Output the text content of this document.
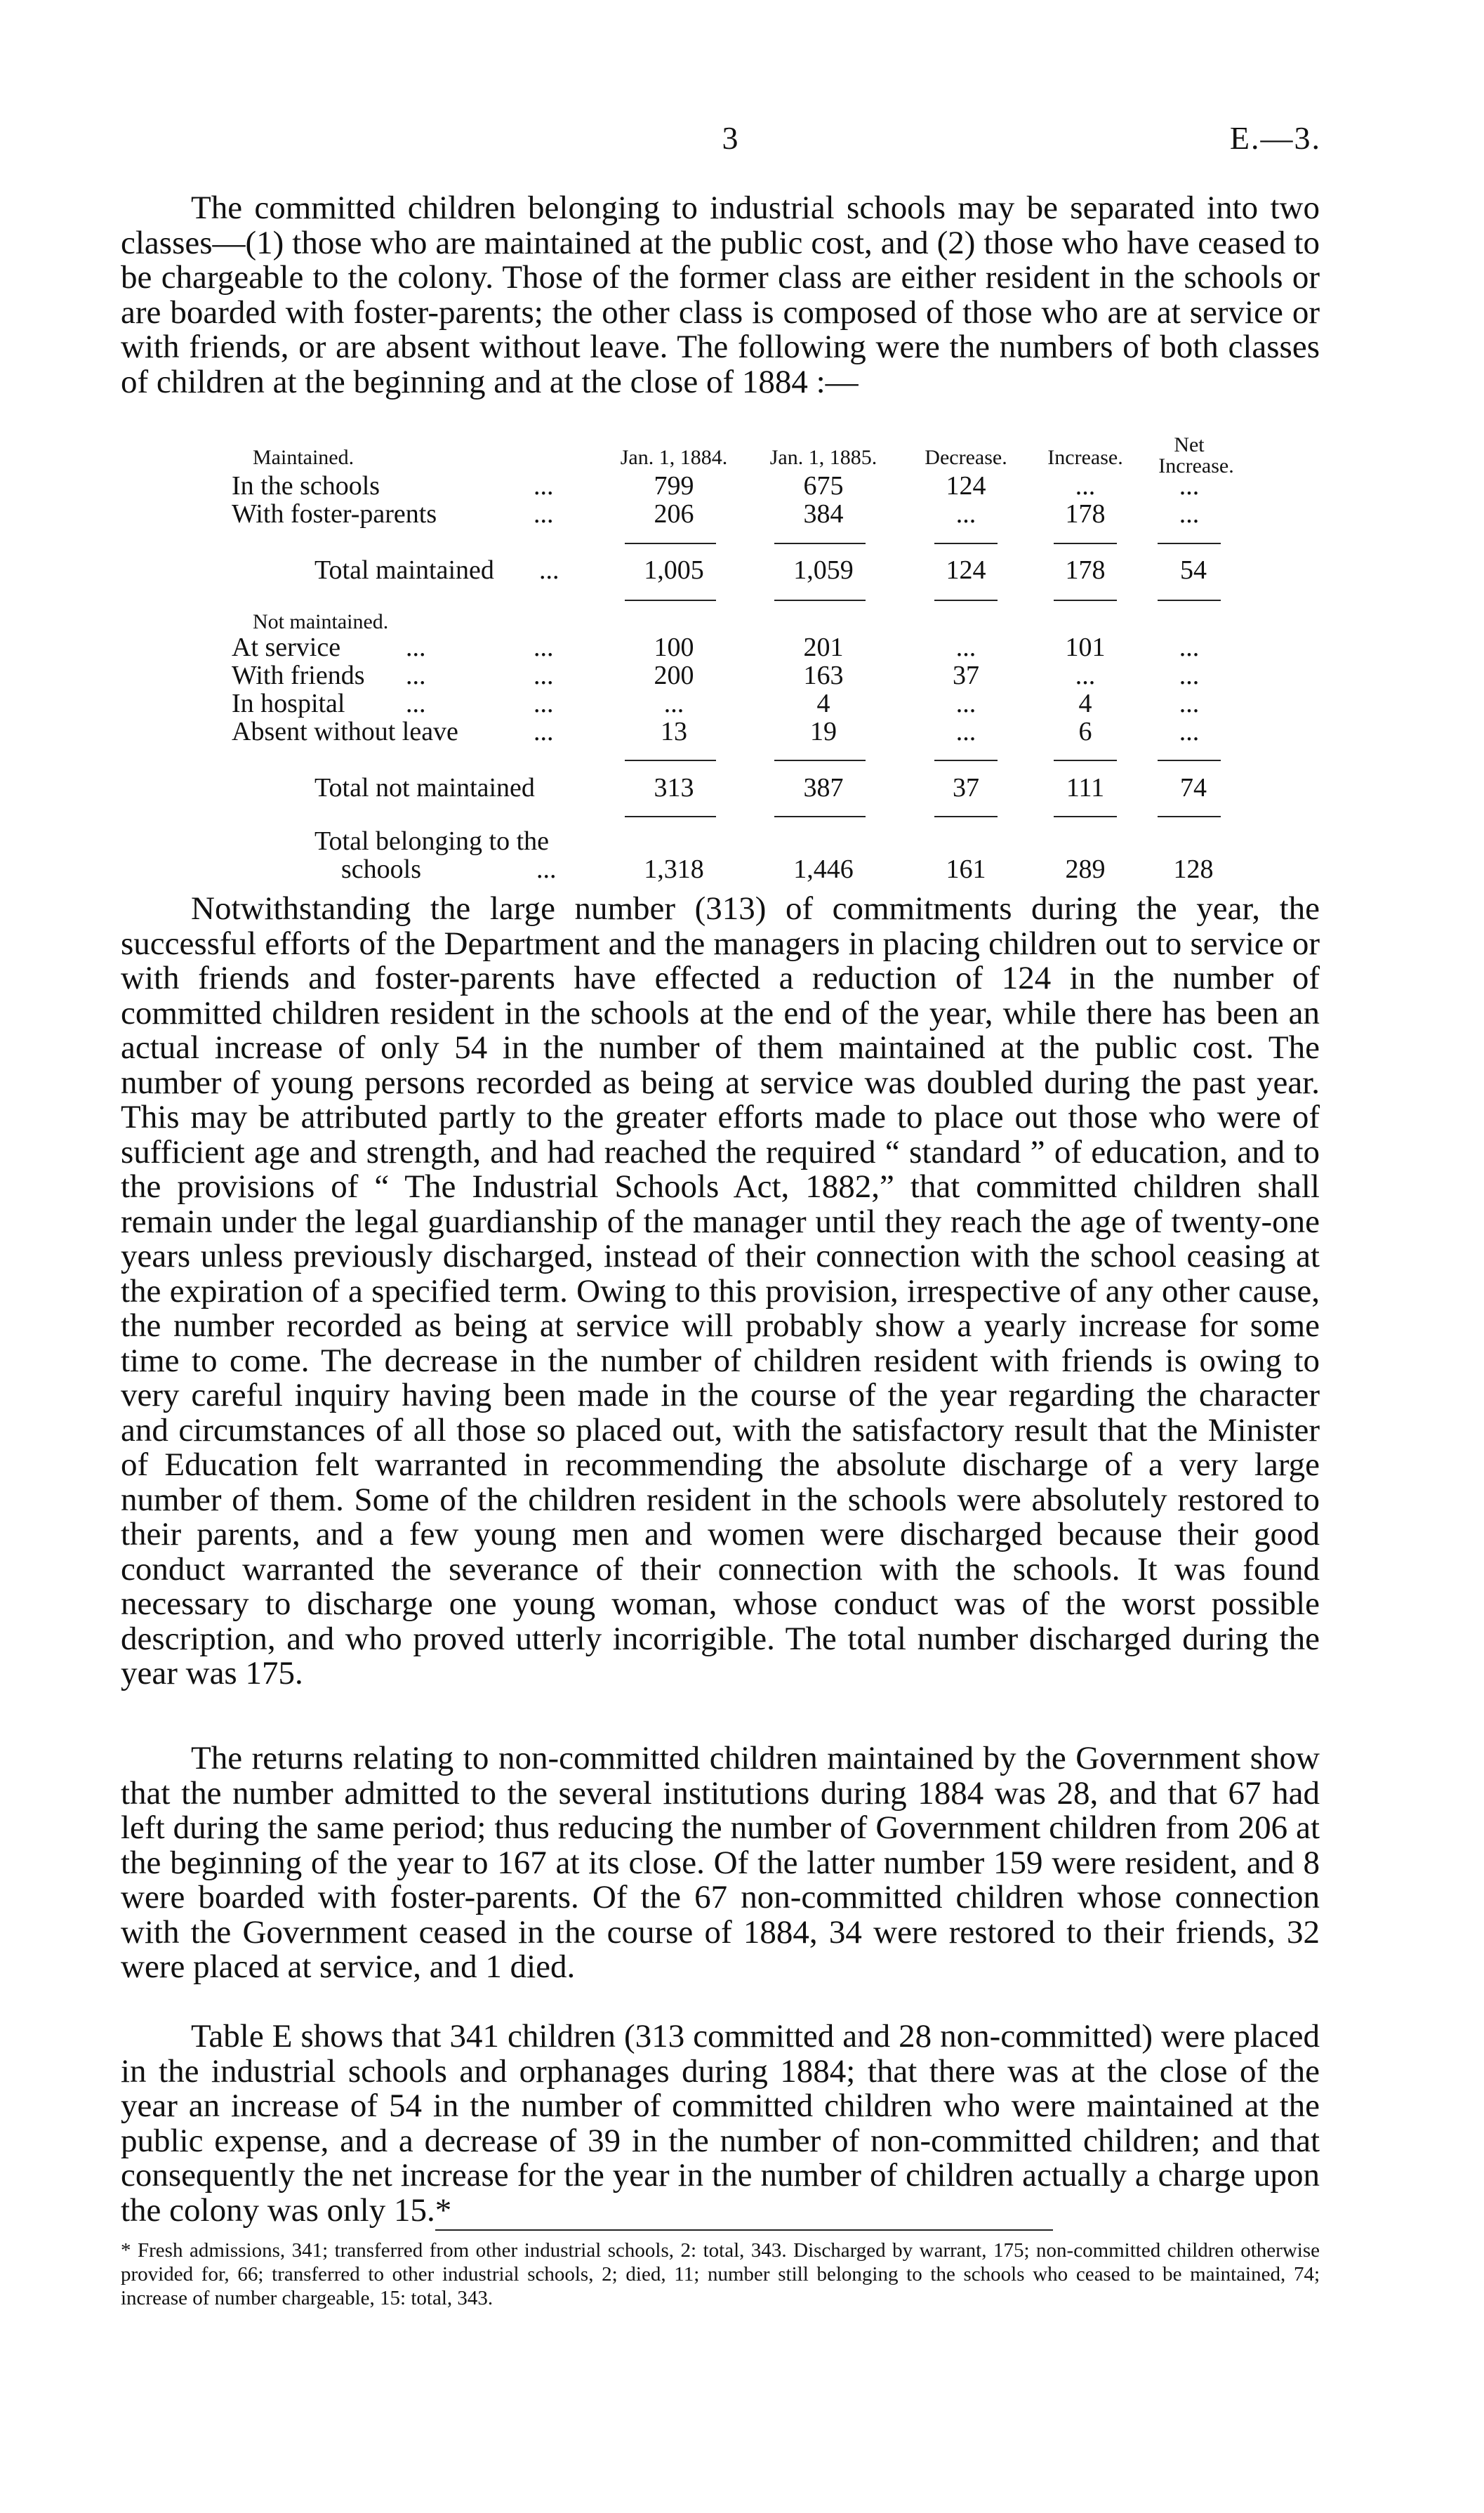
3	E.—3.

The committed children belonging to industrial schools may be separated into two classes—(1) those who are maintained at the public cost, and (2) those who have ceased to be chargeable to the colony. Those of the former class are either resident in the schools or are boarded with foster-parents; the other class is composed of those who are at service or with friends, or are absent without leave. The following were the numbers of both classes of children at the beginning and at the close of 1884 :—

Maintained.	Jan. 1, 1884. Jan. 1, 1885.	Decrease.	Increase.
Net
Increase.
In the schools	...	799	675	124	...	...
With foster-parents	...	206	384	...	178	...
Total maintained ...	1,005	1,059	124	178	54
Not maintained.
At service ...	...	100	201	...	101	...
With friends ...	...	200	163	37	...	...
In hospital ...	...	...	4	...	4	...
Absent without leave	...	13	19	...	6	...
Total not maintained	313	387	37	111	74
Total belonging to the
schools	...	1,318	1,446	161	289	128

Notwithstanding the large number (313) of commitments during the year, the successful efforts of the Department and the managers in placing children out to service or with friends and foster-parents have effected a reduction of 124 in the number of committed children resident in the schools at the end of the year, while there has been an actual increase of only 54 in the number of them maintained at the public cost. The number of young persons recorded as being at service was doubled during the past year. This may be attributed partly to the greater efforts made to place out those who were of sufficient age and strength, and had reached the required “ standard ” of education, and to the provisions of “ The Industrial Schools Act, 1882,” that committed children shall remain under the legal guardianship of the manager until they reach the age of twenty-one years unless previously discharged, instead of their connection with the school ceasing at the expiration of a specified term. Owing to this provision, irrespective of any other cause, the number recorded as being at service will probably show a yearly increase for some time to come. The decrease in the number of children resident with friends is owing to very careful inquiry having been made in the course of the year regarding the character and circumstances of all those so placed out, with the satisfactory result that the Minister of Education felt warranted in recommending the absolute discharge of a very large number of them. Some of the children resident in the schools were absolutely restored to their parents, and a few young men and women were discharged because their good conduct warranted the severance of their connection with the schools. It was found necessary to discharge one young woman, whose conduct was of the worst possible description, and who proved utterly incorrigible. The total number discharged during the year was 175.

The returns relating to non-committed children maintained by the Government show that the number admitted to the several institutions during 1884 was 28, and that 67 had left during the same period; thus reducing the number of Government children from 206 at the beginning of the year to 167 at its close. Of the latter number 159 were resident, and 8 were boarded with foster-parents. Of the 67 non-committed children whose connection with the Government ceased in the course of 1884, 34 were restored to their friends, 32 were placed at service, and 1 died.

Table E shows that 341 children (313 committed and 28 non-committed) were placed in the industrial schools and orphanages during 1884; that there was at the close of the year an increase of 54 in the number of committed children who were maintained at the public expense, and a decrease of 39 in the number of non-committed children; and that consequently the net increase for the year in the number of children actually a charge upon the colony was only 15.*

* Fresh admissions, 341; transferred from other industrial schools, 2: total, 343. Discharged by warrant, 175; non-committed children otherwise provided for, 66; transferred to other industrial schools, 2; died, 11; number still belonging to the schools who ceased to be maintained, 74; increase of number chargeable, 15: total, 343.
